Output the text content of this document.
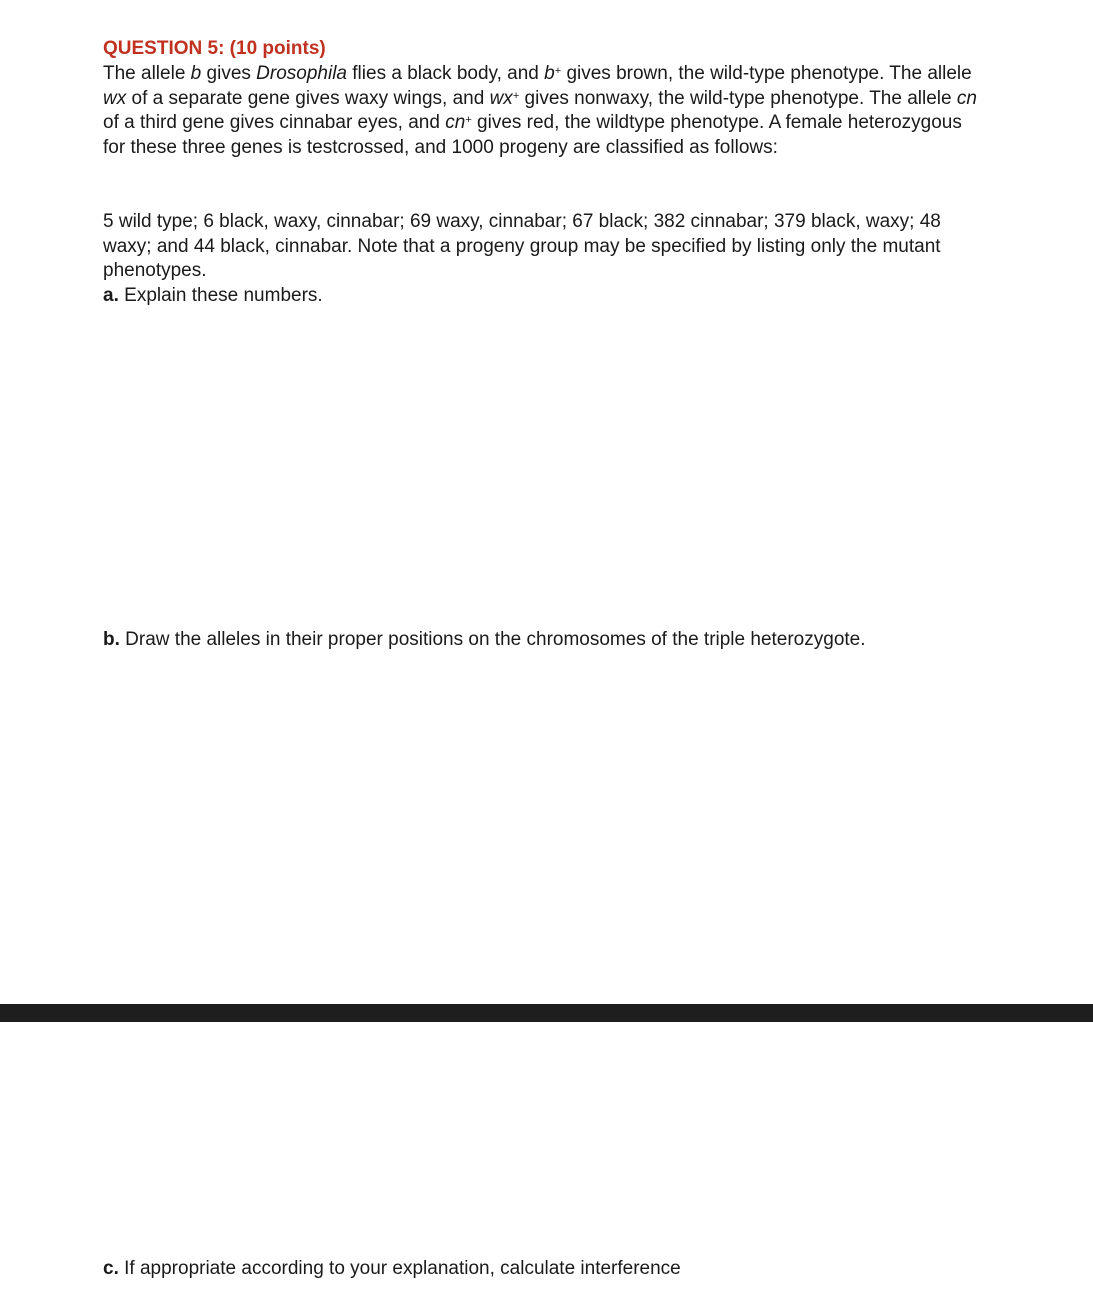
QUESTION 5: (10 points)

The allele b gives Drosophila flies a black body, and b+ gives brown, the wild-type phenotype. The allele wx of a separate gene gives waxy wings, and wx+ gives nonwaxy, the wild-type phenotype. The allele cn of a third gene gives cinnabar eyes, and cn+ gives red, the wildtype phenotype. A female heterozygous for these three genes is testcrossed, and 1000 progeny are classified as follows:

5 wild type; 6 black, waxy, cinnabar; 69 waxy, cinnabar; 67 black; 382 cinnabar; 379 black, waxy; 48 waxy; and 44 black, cinnabar. Note that a progeny group may be specified by listing only the mutant phenotypes.

a. Explain these numbers.
b. Draw the alleles in their proper positions on the chromosomes of the triple heterozygote.
c. If appropriate according to your explanation, calculate interference
